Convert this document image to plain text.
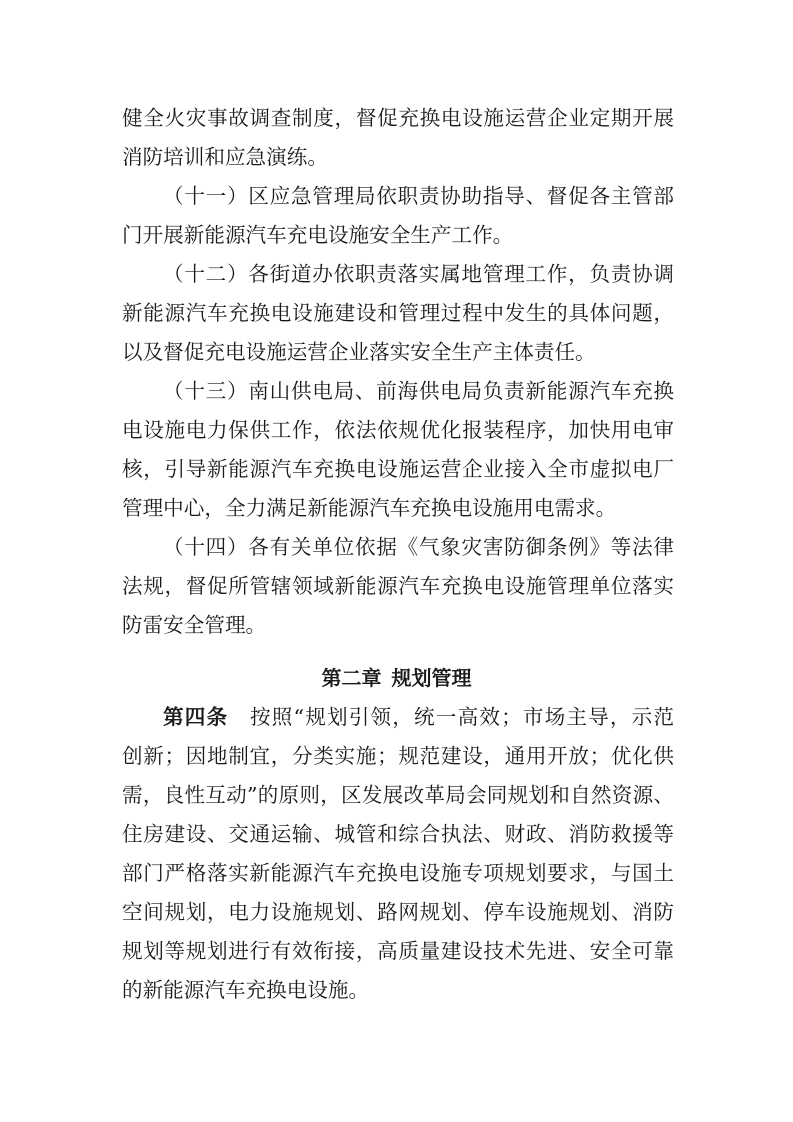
健全火灾事故调查制度，督促充换电设施运营企业定期开展
消防培训和应急演练。
（十一）区应急管理局依职责协助指导、督促各主管部
门开展新能源汽车充电设施安全生产工作。
（十二）各街道办依职责落实属地管理工作，负责协调
新能源汽车充换电设施建设和管理过程中发生的具体问题，
以及督促充电设施运营企业落实安全生产主体责任。
（十三）南山供电局、前海供电局负责新能源汽车充换
电设施电力保供工作，依法依规优化报装程序，加快用电审
核，引导新能源汽车充换电设施运营企业接入全市虚拟电厂
管理中心，全力满足新能源汽车充换电设施用电需求。
（十四）各有关单位依据《气象灾害防御条例》等法律
法规，督促所管辖领域新能源汽车充换电设施管理单位落实
防雷安全管理。
第二章 规划管理
第四条  按照“规划引领，统一高效；市场主导，示范
创新；因地制宜，分类实施；规范建设，通用开放；优化供
需，良性互动”的原则，区发展改革局会同规划和自然资源、
住房建设、交通运输、城管和综合执法、财政、消防救援等
部门严格落实新能源汽车充换电设施专项规划要求，与国土
空间规划，电力设施规划、路网规划、停车设施规划、消防
规划等规划进行有效衔接，高质量建设技术先进、安全可靠
的新能源汽车充换电设施。
